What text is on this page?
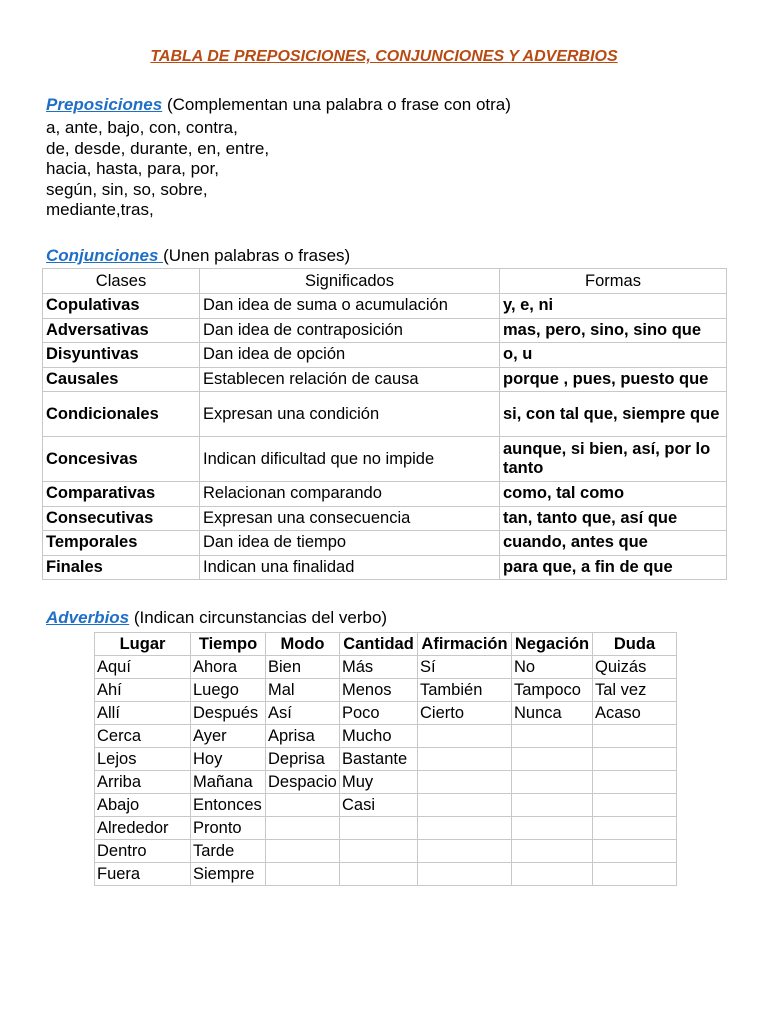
TABLA DE PREPOSICIONES, CONJUNCIONES Y ADVERBIOS
Preposiciones (Complementan una palabra o frase con otra)
a, ante, bajo, con, contra,
de, desde, durante, en, entre,
hacia, hasta, para, por,
según, sin, so, sobre,
mediante,tras,
Conjunciones (Unen palabras o frases)
Clases	Significados	Formas
Copulativas	Dan idea de suma o acumulación	y, e, ni
Adversativas	Dan idea de contraposición	mas, pero, sino, sino que
Disyuntivas	Dan idea de opción	o, u
Causales	Establecen relación de causa	porque , pues, puesto que
Condicionales	Expresan una condición	si, con tal que, siempre que
Concesivas	Indican dificultad que no impide	aunque, si bien, así, por lo tanto
Comparativas	Relacionan comparando	como, tal como
Consecutivas	Expresan una consecuencia	tan, tanto que, así que
Temporales	Dan idea de tiempo	cuando, antes que
Finales	Indican una finalidad	para que, a fin de que
Adverbios (Indican circunstancias del verbo)
Lugar	Tiempo	Modo	Cantidad	Afirmación	Negación	Duda
Aquí	Ahora	Bien	Más	Sí	No	Quizás
Ahí	Luego	Mal	Menos	También	Tampoco	Tal vez
Allí	Después	Así	Poco	Cierto	Nunca	Acaso
Cerca	Ayer	Aprisa	Mucho			
Lejos	Hoy	Deprisa	Bastante			
Arriba	Mañana	Despacio	Muy			
Abajo	Entonces		Casi			
Alrededor	Pronto					
Dentro	Tarde					
Fuera	Siempre					
